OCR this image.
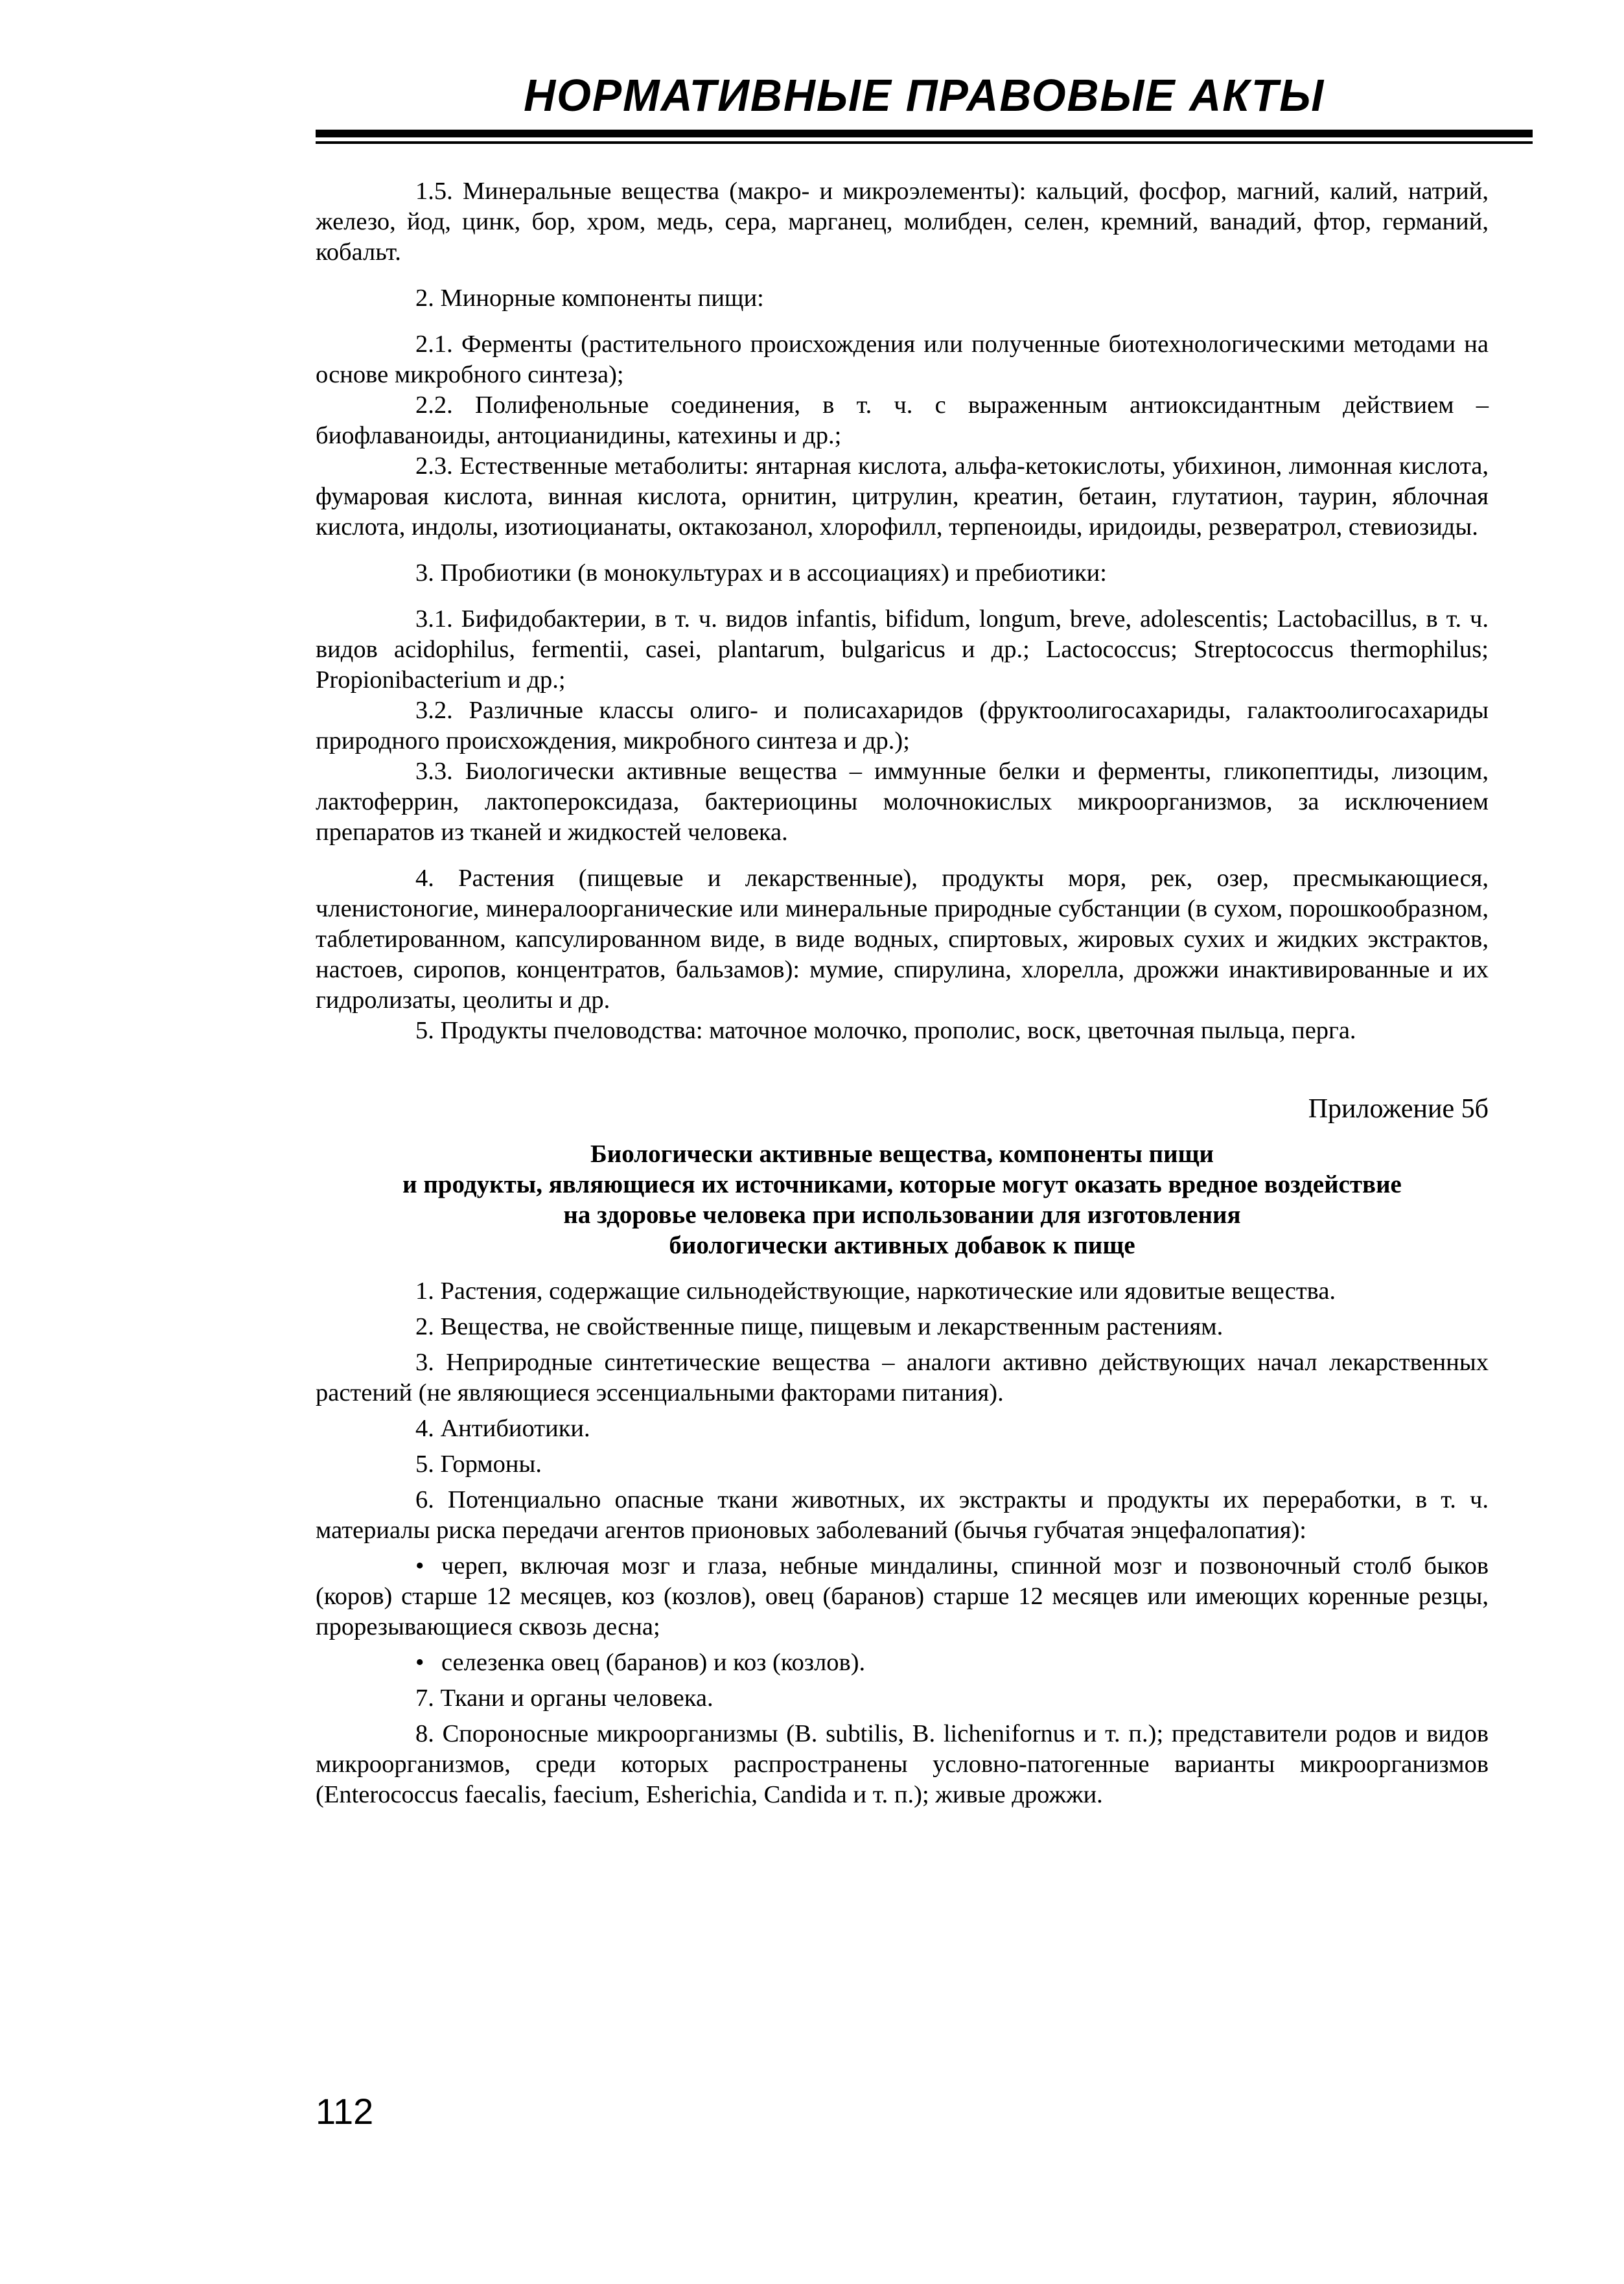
НОРМАТИВНЫЕ ПРАВОВЫЕ АКТЫ

1.5. Минеральные вещества (макро- и микроэлементы): кальций, фосфор, магний, калий, натрий, железо, йод, цинк, бор, хром, медь, сера, марганец, молибден, селен, кремний, ванадий, фтор, германий, кобальт.

2. Минорные компоненты пищи:

2.1. Ферменты (растительного происхождения или полученные биотехнологическими методами на основе микробного синтеза);

2.2. Полифенольные соединения, в т. ч. с выраженным антиоксидантным действием – биофлаваноиды, антоцианидины, катехины и др.;

2.3. Естественные метаболиты: янтарная кислота, альфа-кетокислоты, убихинон, лимонная кислота, фумаровая кислота, винная кислота, орнитин, цитрулин, креатин, бетаин, глутатион, таурин, яблочная кислота, индолы, изотиоцианаты, октакозанол, хлорофилл, терпеноиды, иридоиды, резвератрол, стевиозиды.

3. Пробиотики (в монокультурах и в ассоциациях) и пребиотики:

3.1. Бифидобактерии, в т. ч. видов infantis, bifidum, longum, breve, adolescentis; Lactobacillus, в т. ч. видов acidophilus, fermentii, casei, plantarum, bulgaricus и др.; Lactococcus; Streptococcus thermophilus; Propionibacterium и др.;

3.2. Различные классы олиго- и полисахаридов (фруктоолигосахариды, галактоолигосахариды природного происхождения, микробного синтеза и др.);

3.3. Биологически активные вещества – иммунные белки и ферменты, гликопептиды, лизоцим, лактоферрин, лактопероксидаза, бактериоцины молочнокислых микроорганизмов, за исключением препаратов из тканей и жидкостей человека.

4. Растения (пищевые и лекарственные), продукты моря, рек, озер, пресмыкающиеся, членистоногие, минералоорганические или минеральные природные субстанции (в сухом, порошкообразном, таблетированном, капсулированном виде, в виде водных, спиртовых, жировых сухих и жидких экстрактов, настоев, сиропов, концентратов, бальзамов): мумие, спирулина, хлорелла, дрожжи инактивированные и их гидролизаты, цеолиты и др.

5. Продукты пчеловодства: маточное молочко, прополис, воск, цветочная пыльца, перга.

Приложение 5б

Биологически активные вещества, компоненты пищи
и продукты, являющиеся их источниками, которые могут оказать вредное воздействие
на здоровье человека при использовании для изготовления
биологически активных добавок к пище

1. Растения, содержащие сильнодействующие, наркотические или ядовитые вещества.

2. Вещества, не свойственные пище, пищевым и лекарственным растениям.

3. Неприродные синтетические вещества – аналоги активно действующих начал лекарственных растений (не являющиеся эссенциальными факторами питания).

4. Антибиотики.

5. Гормоны.

6. Потенциально опасные ткани животных, их экстракты и продукты их переработки, в т. ч. материалы риска передачи агентов прионовых заболеваний (бычья губчатая энцефалопатия):

• череп, включая мозг и глаза, небные миндалины, спинной мозг и позвоночный столб быков (коров) старше 12 месяцев, коз (козлов), овец (баранов) старше 12 месяцев или имеющих коренные резцы, прорезывающиеся сквозь десна;

• селезенка овец (баранов) и коз (козлов).

7. Ткани и органы человека.

8. Спороносные микроорганизмы (B. subtilis, B. lichenifornus и т. п.); представители родов и видов микроорганизмов, среди которых распространены условно-патогенные варианты микроорганизмов (Enterococcus faecalis, faecium, Esherichia, Candida и т. п.); живые дрожжи.

112
